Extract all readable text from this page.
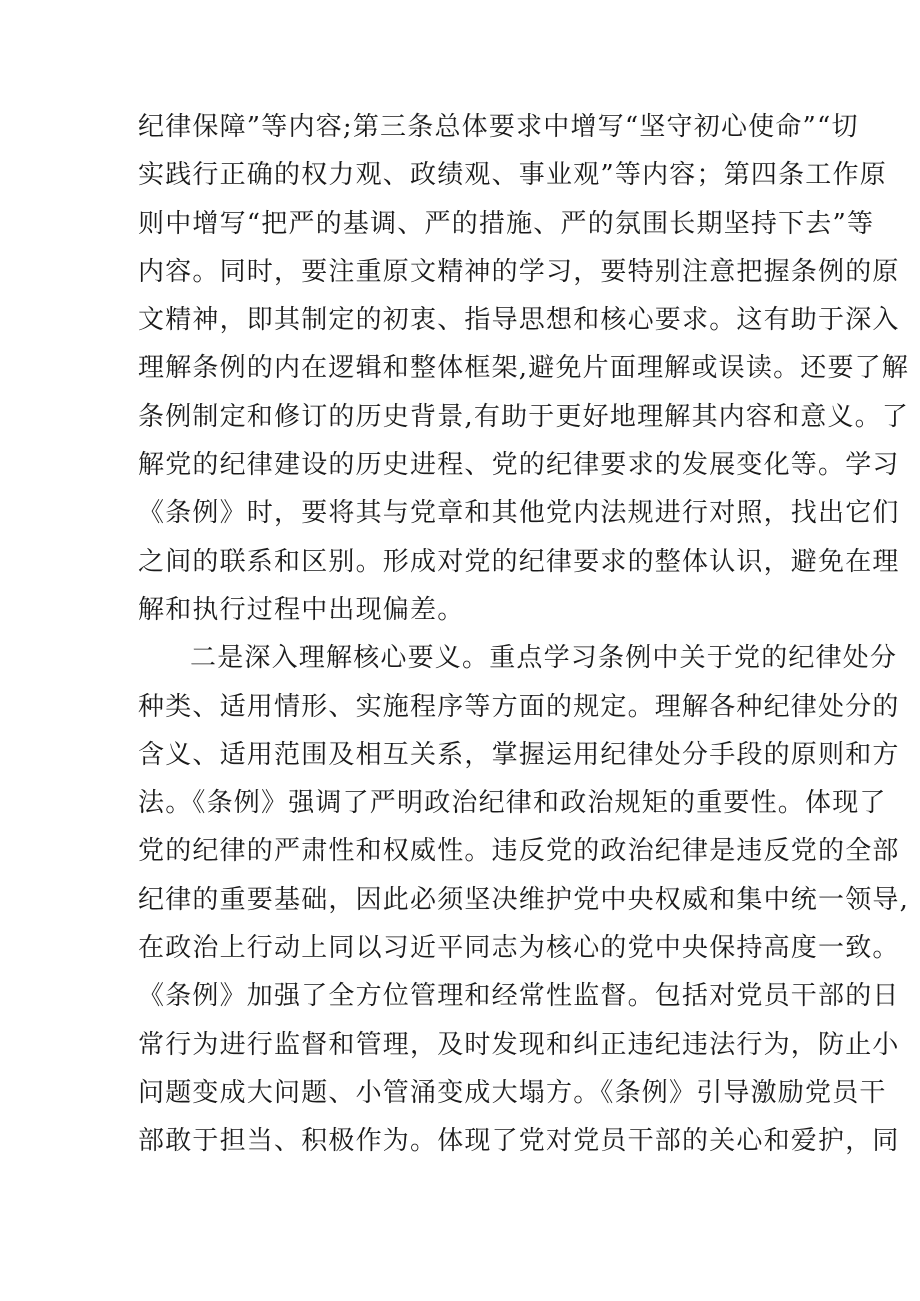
纪律保障”等内容;第三条总体要求中增写“坚守初心使命”“切
实践行正确的权力观、政绩观、事业观”等内容；第四条工作原
则中增写“把严的基调、严的措施、严的氛围长期坚持下去”等
内容。同时，要注重原文精神的学习，要特别注意把握条例的原
文精神，即其制定的初衷、指导思想和核心要求。这有助于深入
理解条例的内在逻辑和整体框架,避免片面理解或误读。还要了解
条例制定和修订的历史背景,有助于更好地理解其内容和意义。了
解党的纪律建设的历史进程、党的纪律要求的发展变化等。学习
《条例》时，要将其与党章和其他党内法规进行对照，找出它们
之间的联系和区别。形成对党的纪律要求的整体认识，避免在理
解和执行过程中出现偏差。
二是深入理解核心要义。重点学习条例中关于党的纪律处分
种类、适用情形、实施程序等方面的规定。理解各种纪律处分的
含义、适用范围及相互关系，掌握运用纪律处分手段的原则和方
法。《条例》强调了严明政治纪律和政治规矩的重要性。体现了
党的纪律的严肃性和权威性。违反党的政治纪律是违反党的全部
纪律的重要基础，因此必须坚决维护党中央权威和集中统一领导,
在政治上行动上同以习近平同志为核心的党中央保持高度一致。
《条例》加强了全方位管理和经常性监督。包括对党员干部的日
常行为进行监督和管理，及时发现和纠正违纪违法行为，防止小
问题变成大问题、小管涌变成大塌方。《条例》引导激励党员干
部敢于担当、积极作为。体现了党对党员干部的关心和爱护，同
